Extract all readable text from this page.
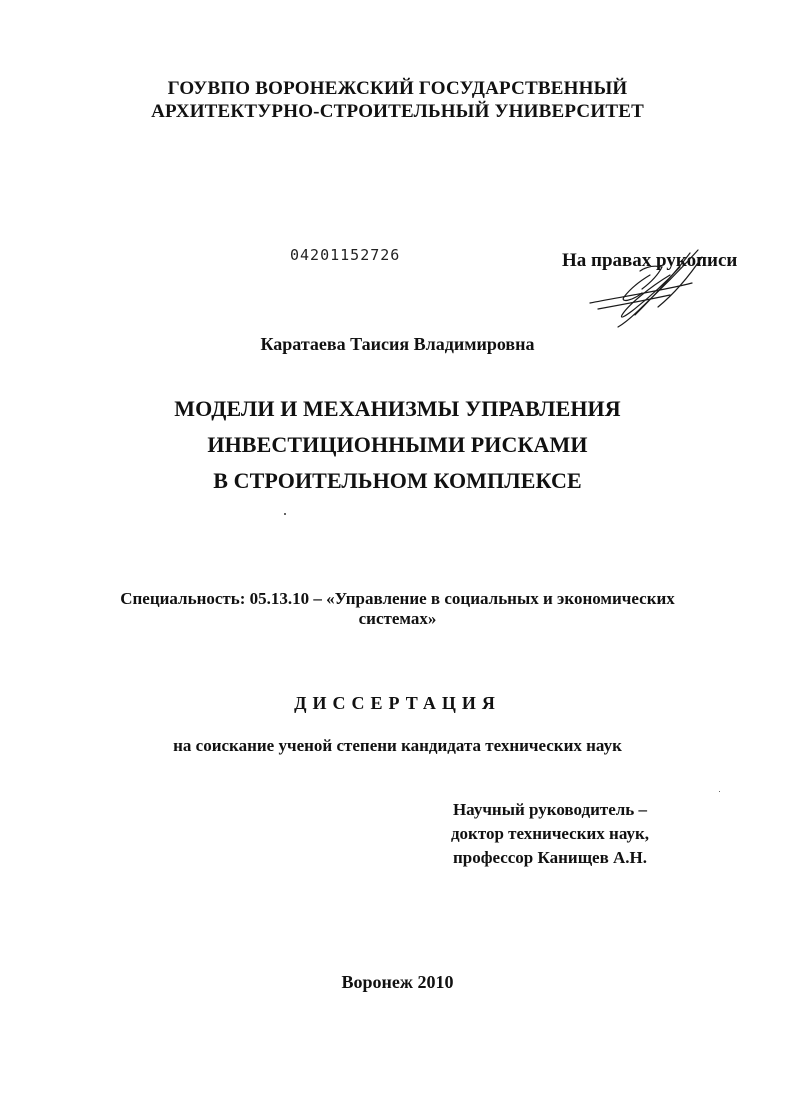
ГОУВПО ВОРОНЕЖСКИЙ ГОСУДАРСТВЕННЫЙ
АРХИТЕКТУРНО-СТРОИТЕЛЬНЫЙ УНИВЕРСИТЕТ
04201152726	На правах рукописи
Каратаева Таисия Владимировна
МОДЕЛИ И МЕХАНИЗМЫ УПРАВЛЕНИЯ
ИНВЕСТИЦИОННЫМИ РИСКАМИ
В СТРОИТЕЛЬНОМ КОМПЛЕКСЕ
Специальность: 05.13.10 – «Управление в социальных и экономических
системах»
ДИССЕРТАЦИЯ
на соискание ученой степени кандидата технических наук
Научный руководитель –
доктор технических наук,
профессор Канищев А.Н.
Воронеж 2010
